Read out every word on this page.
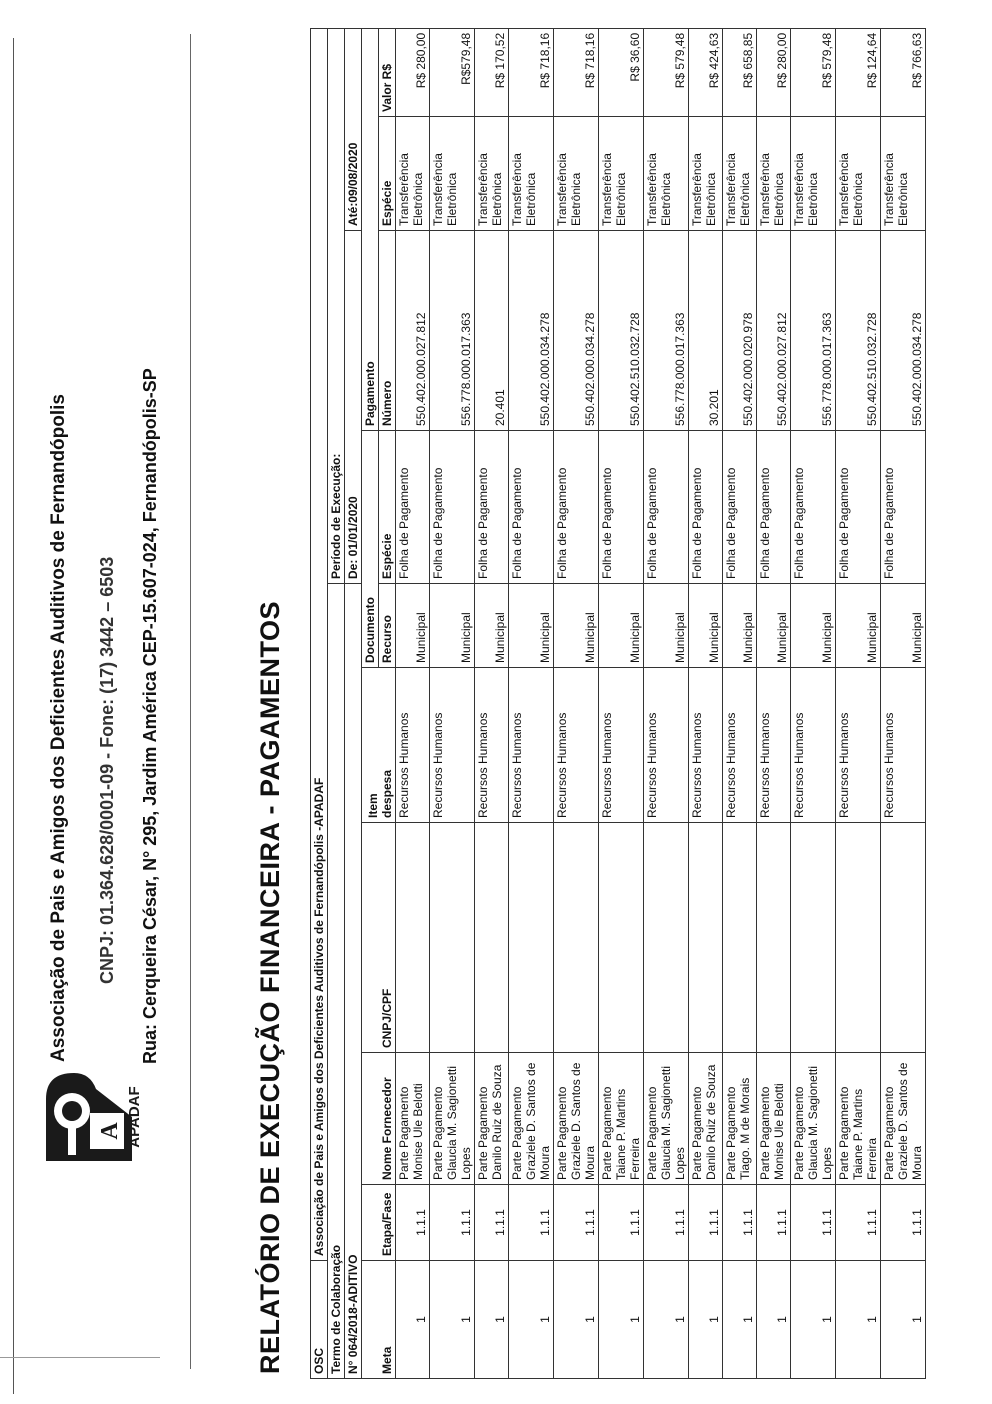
A APADAF
Associação de Pais e Amigos dos Deficientes Auditivos de Fernandópolis CNPJ: 01.364.628/0001-09 - Fone: (17) 3442 – 6503 Rua: Cerqueira César, N° 295, Jardim América CEP-15.607-024, Fernandópolis-SP	RELATÓRIO DE EXECUÇÃO FINANCEIRA - PAGAMENTOS OSC	Associação de Pais e Amigos dos Deficientes Auditivos de Fernandópolis -APADAF								
Termo de Colaboração						Período de Execução:			
N° 064/2018-ADITIVO						De: 01/01/2020		Até:09/08/2020	
Meta	Etapa/Fase	Nome Fornecedor	CNPJ/CPF	Item despesa	Documento		Pagamento		
					Recurso	Espécie	Número	Espécie	Valor R$
1	1.1.1	Parte Pagamento Monise Ule Belotti		Recursos Humanos	Municipal	Folha de Pagamento	550.402.000.027.812	Transferência Eletrônica	R$ 280,00
1	1.1.1	Parte Pagamento Glaucia M. Sagionetti Lopes		Recursos Humanos	Municipal	Folha de Pagamento	556.778.000.017.363	Transferência Eletrônica	R$579,48
1	1.1.1	Parte Pagamento Danilo Ruiz de Souza		Recursos Humanos	Municipal	Folha de Pagamento	20.401	Transferência Eletrônica	R$ 170,52
1	1.1.1	Parte Pagamento Graziele D. Santos de Moura		Recursos Humanos	Municipal	Folha de Pagamento	550.402.000.034.278	Transferência Eletrônica	R$ 718,16
1	1.1.1	Parte Pagamento Graziele D. Santos de Moura		Recursos Humanos	Municipal	Folha de Pagamento	550.402.000.034.278	Transferência Eletrônica	R$ 718,16
1	1.1.1	Parte Pagamento Taiane P. Martins Ferreira		Recursos Humanos	Municipal	Folha de Pagamento	550.402.510.032.728	Transferência Eletrônica	R$ 36,60
1	1.1.1	Parte Pagamento Glaucia M. Sagionetti Lopes		Recursos Humanos	Municipal	Folha de Pagamento	556.778.000.017.363	Transferência Eletrônica	R$ 579,48
1	1.1.1	Parte Pagamento Danilo Ruiz de Souza		Recursos Humanos	Municipal	Folha de Pagamento	30.201	Transferência Eletrônica	R$ 424,63
1	1.1.1	Parte Pagamento Tiago. M de Morais		Recursos Humanos	Municipal	Folha de Pagamento	550.402.000.020.978	Transferência Eletrônica	R$ 658,85
1	1.1.1	Parte Pagamento Monise Ule Belotti		Recursos Humanos	Municipal	Folha de Pagamento	550.402.000.027.812	Transferência Eletrônica	R$ 280,00
1	1.1.1	Parte Pagamento Glaucia M. Sagionetti Lopes		Recursos Humanos	Municipal	Folha de Pagamento	556.778.000.017.363	Transferência Eletrônica	R$ 579,48
1	1.1.1	Parte Pagamento Taiane P. Martins Ferreira		Recursos Humanos	Municipal	Folha de Pagamento	550.402.510.032.728	Transferência Eletrônica	R$ 124,64
1	1.1.1	Parte Pagamento Graziele D. Santos de Moura		Recursos Humanos	Municipal	Folha de Pagamento	550.402.000.034.278	Transferência Eletrônica	R$ 766,63
